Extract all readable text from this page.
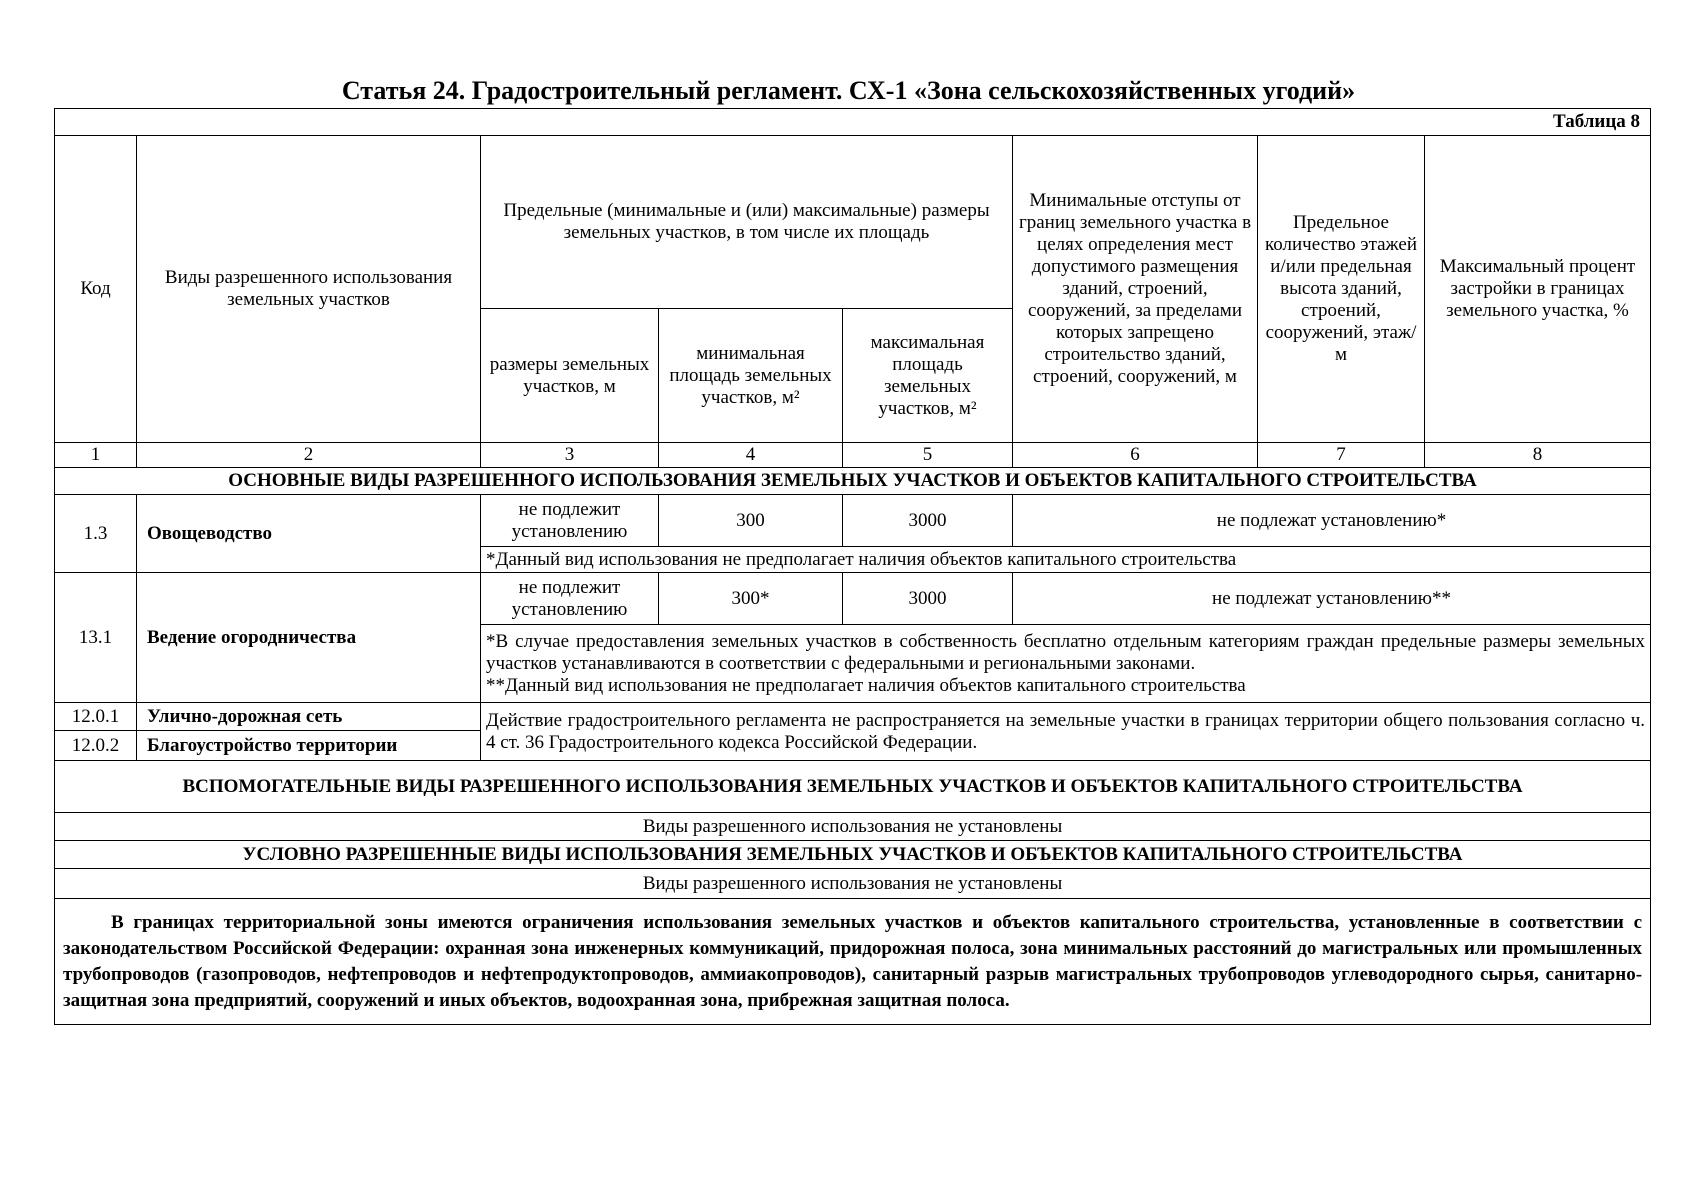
Статья 24. Градостроительный регламент. СХ-1 «Зона сельскохозяйственных угодий»
Таблица 8							
Код	Виды разрешенного использования земельных участков	Предельные (минимальные и (или) максимальные) размеры земельных участков, в том числе их площадь			Минимальные отступы от границ земельного участка в целях определения мест допустимого размещения зданий, строений, сооружений, за пределами которых запрещено строительство зданий, строений, сооружений, м	Предельное количество этажей и/или предельная высота зданий, строений, сооружений, этаж/м	Максимальный процент застройки в границах земельного участка, %
		размеры земельных участков, м	минимальная площадь земельных участков, м²	максимальная площадь земельных участков, м²			
1	2	3	4	5	6	7	8
ОСНОВНЫЕ ВИДЫ РАЗРЕШЕННОГО ИСПОЛЬЗОВАНИЯ ЗЕМЕЛЬНЫХ УЧАСТКОВ И ОБЪЕКТОВ КАПИТАЛЬНОГО СТРОИТЕЛЬСТВА							
1.3	Овощеводство	не подлежит установлению	300	3000	не подлежат установлению*		
		*Данный вид использования не предполагает наличия объектов капитального строительства					
13.1	Ведение огородничества	не подлежит установлению	300*	3000	не подлежат установлению**		

		*В случае предоставления земельных участков в собственность бесплатно отдельным категориям граждан предельные размеры земельных участков устанавливаются в соответствии с федеральными и региональными законами.
**Данный вид использования не предполагает наличия объектов капитального строительства					

12.0.1	Улично-дорожная сеть	Действие градостроительного регламента не распространяется на земельные участки в границах территории общего пользования согласно ч. 4 ст. 36 Градостроительного кодекса Российской Федерации.					
12.0.2	Благоустройство территории						
ВСПОМОГАТЕЛЬНЫЕ ВИДЫ РАЗРЕШЕННОГО ИСПОЛЬЗОВАНИЯ ЗЕМЕЛЬНЫХ УЧАСТКОВ И ОБЪЕКТОВ КАПИТАЛЬНОГО СТРОИТЕЛЬСТВА							
Виды разрешенного использования не установлены							
УСЛОВНО РАЗРЕШЕННЫЕ ВИДЫ ИСПОЛЬЗОВАНИЯ ЗЕМЕЛЬНЫХ УЧАСТКОВ И ОБЪЕКТОВ КАПИТАЛЬНОГО СТРОИТЕЛЬСТВА							
Виды разрешенного использования не установлены							
В границах территориальной зоны имеются ограничения использования земельных участков и объектов капитального строительства, установленные в соответствии с законодательством Российской Федерации: охранная зона инженерных коммуникаций, придорожная полоса, зона минимальных расстояний до магистральных или промышленных трубопроводов (газопроводов, нефтепроводов и нефтепродуктопроводов, аммиакопроводов), санитарный разрыв магистральных трубопроводов углеводородного сырья, санитарно-защитная зона предприятий, сооружений и иных объектов, водоохранная зона, прибрежная защитная полоса.							
